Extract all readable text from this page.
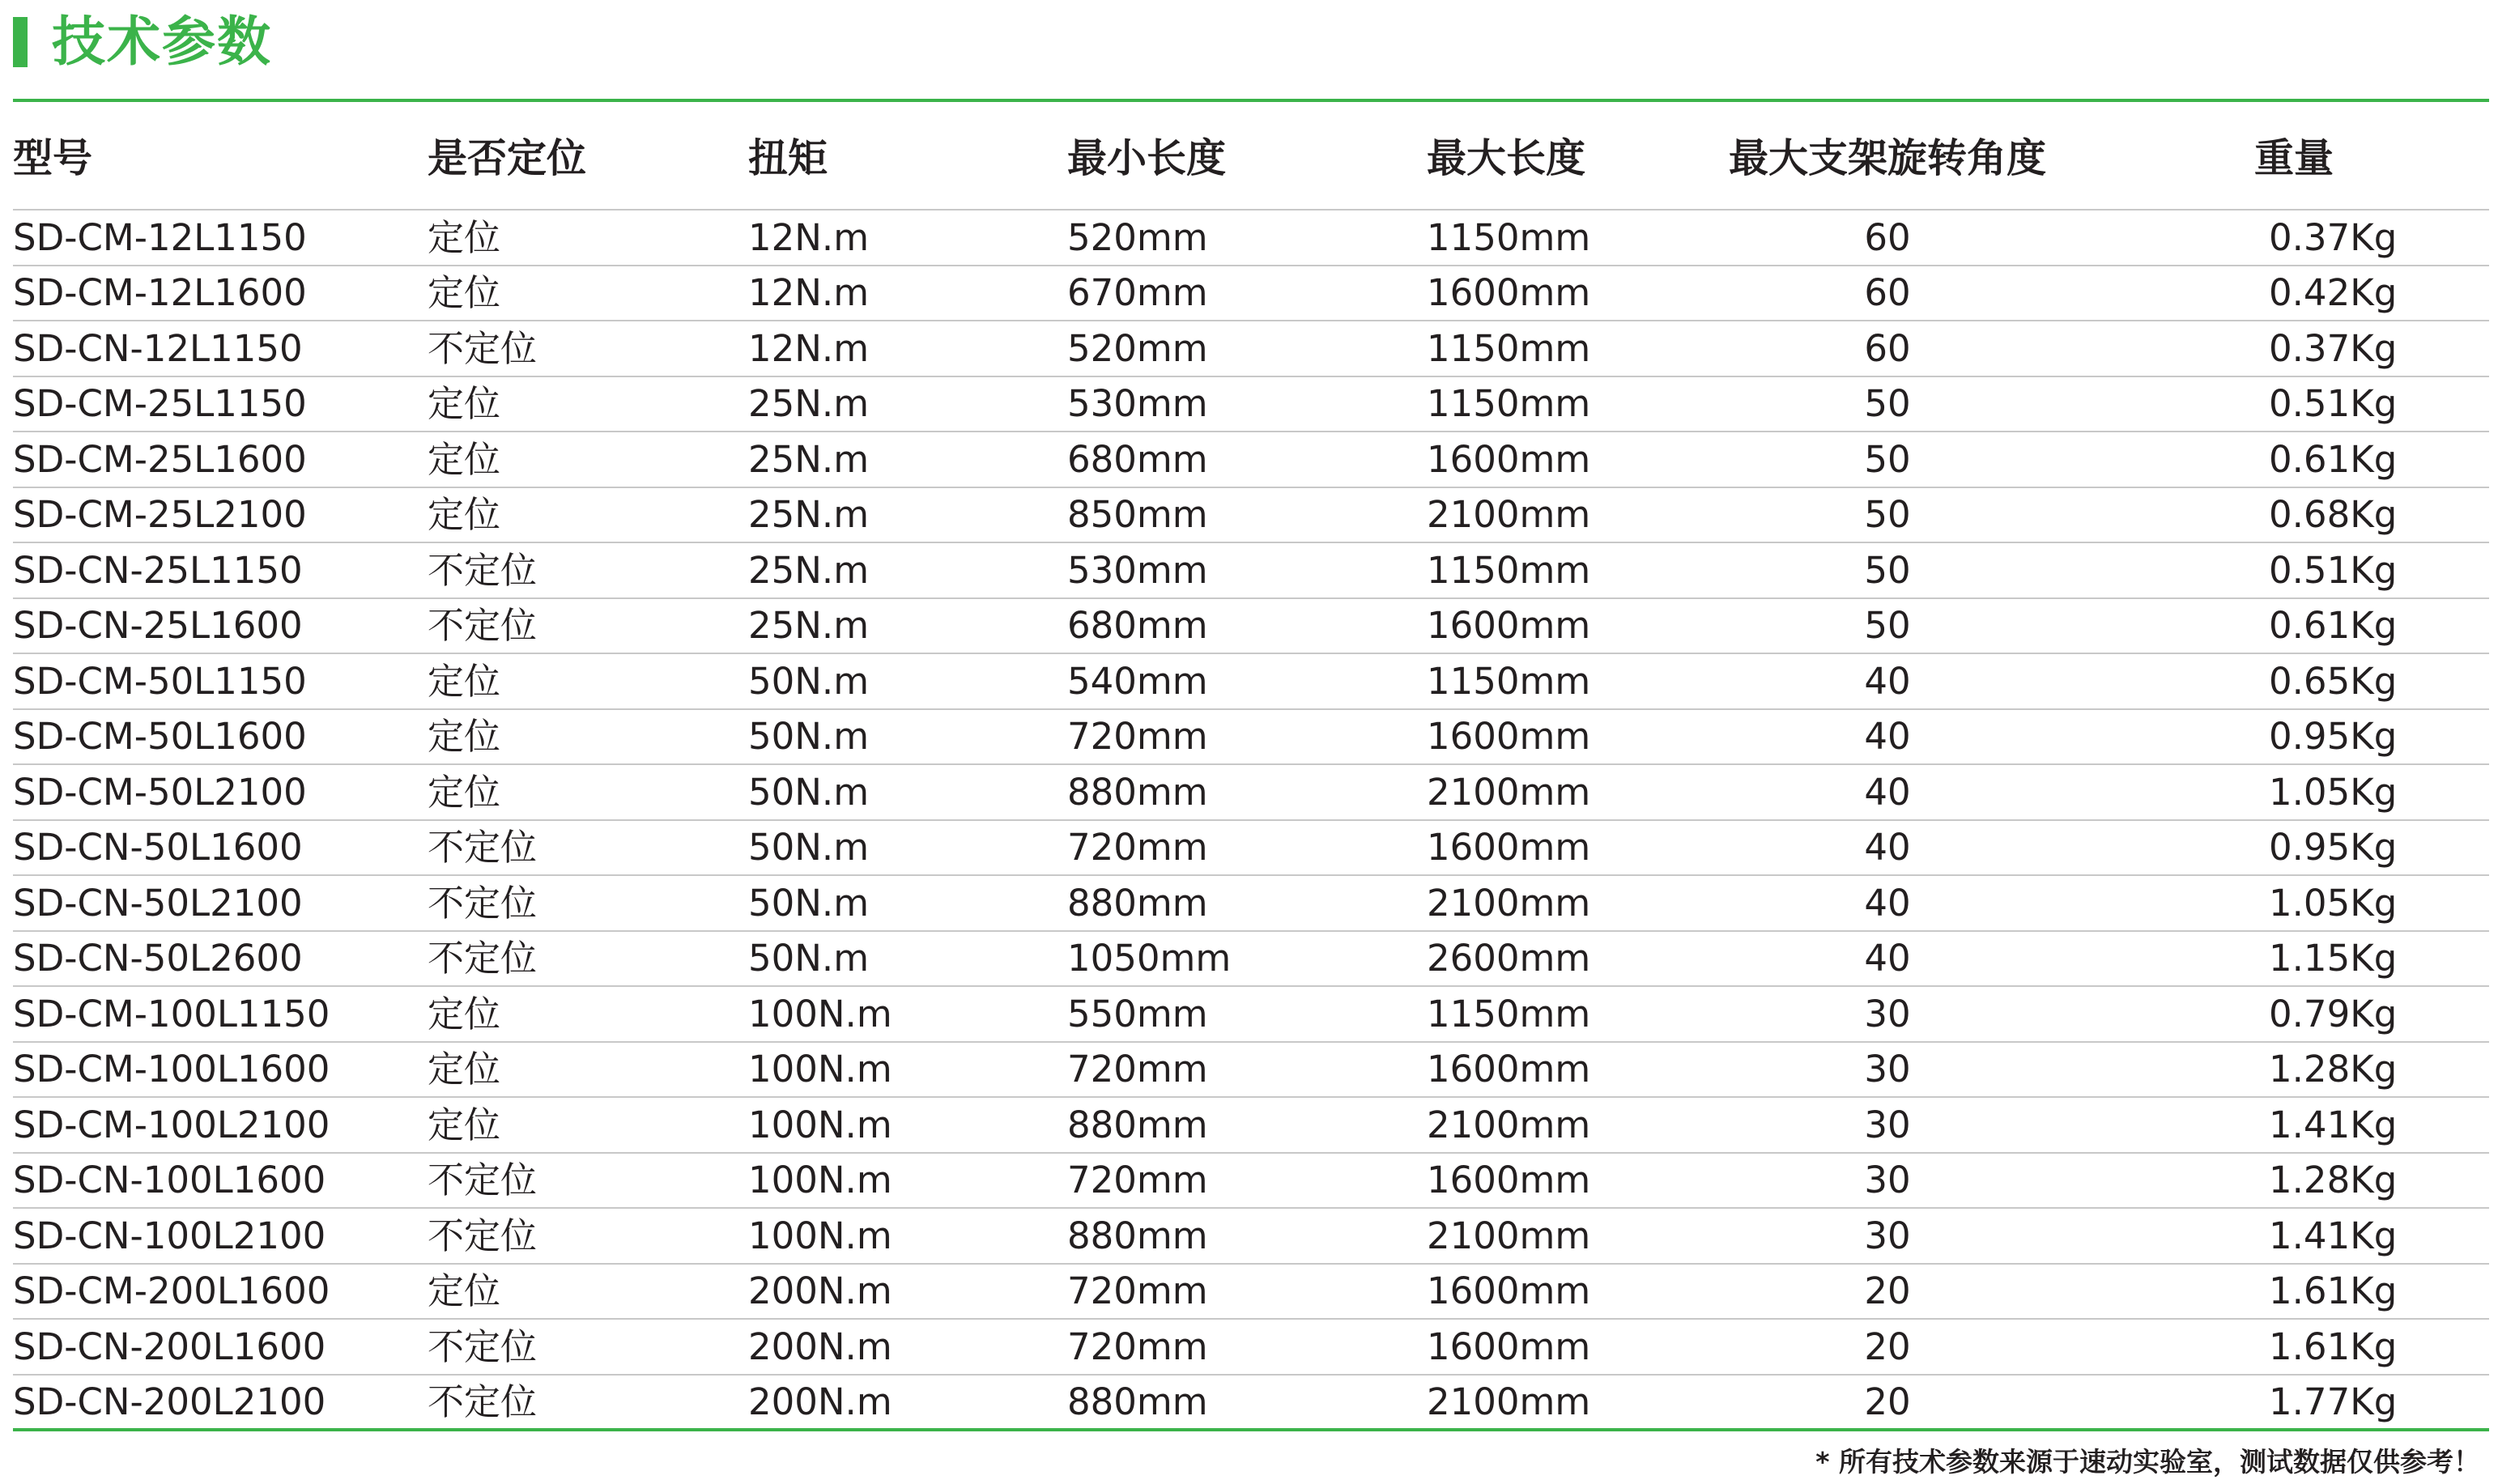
技术参数
型号	是否定位	扭矩	最小长度	最大长度	最大支架旋转角度	重量
SD-CM-12L1150	定位	12N.m	520mm	1150mm	60	0.37Kg
SD-CM-12L1600	定位	12N.m	670mm	1600mm	60	0.42Kg
SD-CN-12L1150	不定位	12N.m	520mm	1150mm	60	0.37Kg
SD-CM-25L1150	定位	25N.m	530mm	1150mm	50	0.51Kg
SD-CM-25L1600	定位	25N.m	680mm	1600mm	50	0.61Kg
SD-CM-25L2100	定位	25N.m	850mm	2100mm	50	0.68Kg
SD-CN-25L1150	不定位	25N.m	530mm	1150mm	50	0.51Kg
SD-CN-25L1600	不定位	25N.m	680mm	1600mm	50	0.61Kg
SD-CM-50L1150	定位	50N.m	540mm	1150mm	40	0.65Kg
SD-CM-50L1600	定位	50N.m	720mm	1600mm	40	0.95Kg
SD-CM-50L2100	定位	50N.m	880mm	2100mm	40	1.05Kg
SD-CN-50L1600	不定位	50N.m	720mm	1600mm	40	0.95Kg
SD-CN-50L2100	不定位	50N.m	880mm	2100mm	40	1.05Kg
SD-CN-50L2600	不定位	50N.m	1050mm	2600mm	40	1.15Kg
SD-CM-100L1150	定位	100N.m	550mm	1150mm	30	0.79Kg
SD-CM-100L1600	定位	100N.m	720mm	1600mm	30	1.28Kg
SD-CM-100L2100	定位	100N.m	880mm	2100mm	30	1.41Kg
SD-CN-100L1600	不定位	100N.m	720mm	1600mm	30	1.28Kg
SD-CN-100L2100	不定位	100N.m	880mm	2100mm	30	1.41Kg
SD-CM-200L1600	定位	200N.m	720mm	1600mm	20	1.61Kg
SD-CN-200L1600	不定位	200N.m	720mm	1600mm	20	1.61Kg
SD-CN-200L2100	不定位	200N.m	880mm	2100mm	20	1.77Kg
* 所有技术参数来源于速动实验室，测试数据仅供参考！
